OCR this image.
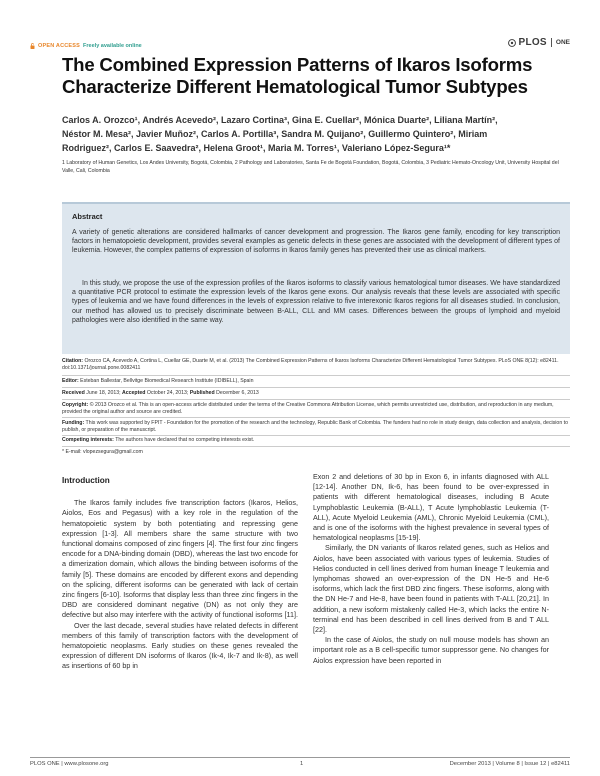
OPEN ACCESS Freely available online	PLOS ONE
The Combined Expression Patterns of Ikaros Isoforms Characterize Different Hematological Tumor Subtypes
Carlos A. Orozco¹, Andrés Acevedo², Lazaro Cortina³, Gina E. Cuellar², Mónica Duarte², Liliana Martín²,
Néstor M. Mesa², Javier Muñoz², Carlos A. Portilla³, Sandra M. Quijano², Guillermo Quintero², Miriam
Rodriguez², Carlos E. Saavedra², Helena Groot¹, Maria M. Torres¹, Valeriano López-Segura¹*
1 Laboratory of Human Genetics, Los Andes University, Bogotá, Colombia, 2 Pathology and Laboratories, Santa Fe de Bogotá Foundation, Bogotá, Colombia, 3 Pediatric Hemato-Oncology Unit, University Hospital del Valle, Cali, Colombia
Abstract
A variety of genetic alterations are considered hallmarks of cancer development and progression. The Ikaros gene family, encoding for key transcription factors in hematopoietic development, provides several examples as genetic defects in these genes are associated with the development of different types of leukemia. However, the complex patterns of expression of isoforms in Ikaros family genes has prevented their use as clinical markers.
In this study, we propose the use of the expression profiles of the Ikaros isoforms to classify various hematological tumor diseases. We have standardized a quantitative PCR protocol to estimate the expression levels of the Ikaros gene exons. Our analysis reveals that these levels are associated with specific types of leukemia and we have found differences in the levels of expression relative to five interexonic Ikaros regions for all diseases studied. In conclusion, our method has allowed us to precisely discriminate between B-ALL, CLL and MM cases. Differences between the groups of lymphoid and myeloid pathologies were also identified in the same way.
Citation: Orozco CA, Acevedo A, Cortina L, Cuellar GE, Duarte M, et al. (2013) The Combined Expression Patterns of Ikaros Isoforms Characterize Different Hematological Tumor Subtypes. PLoS ONE 8(12): e82411. doi:10.1371/journal.pone.0082411
Editor: Esteban Ballestar, Bellvitge Biomedical Research Institute (IDIBELL), Spain
Received June 18, 2013; Accepted October 24, 2013; Published December 6, 2013
Copyright: © 2013 Orozco et al. This is an open-access article distributed under the terms of the Creative Commons Attribution License, which permits unrestricted use, distribution, and reproduction in any medium, provided the original author and source are credited.
Funding: This work was supported by FPIT - Foundation for the promotion of the research and the technology, Republic Bank of Colombia. The funders had no role in study design, data collection and analysis, decision to publish, or preparation of the manuscript.
Competing interests: The authors have declared that no competing interests exist.
* E-mail: vlopezsegura@gmail.com
Introduction

The Ikaros family includes five transcription factors (Ikaros, Helios, Aiolos, Eos and Pegasus) with a key role in the regulation of the hematopoietic system by both potentiating and repressing gene expression [1-3]. All members share the same structure with two functional domains composed of zinc fingers [4]. The first four zinc fingers encode for a DNA-binding domain (DBD), whereas the last two encode for a dimerization domain, which allows the binding between isoforms of the family [5]. These domains are encoded by different exons and depending on the splicing, different isoforms can be generated with lack of certain zinc fingers [6-10]. Isoforms that display less than three zinc fingers in the DBD are considered dominant negative (DN) as not only they are defective but also may interfere with the activity of functional isoforms [11].

Over the last decade, several studies have related defects in different members of this family of transcription factors with the development of hematopoietic neoplasms. Early studies on these genes revealed the expression of different DN isoforms of Ikaros (Ik-4, Ik-7 and Ik-8), as well as insertions of 60 bp in

Exon 2 and deletions of 30 bp in Exon 6, in infants diagnosed with ALL [12-14]. Another DN, Ik-6, has been found to be over-expressed in patients with different hematological diseases, including B Acute Lymphoblastic Leukemia (B-ALL), T Acute lymphoblastic Leukemia (T-ALL), Acute Myeloid Leukemia (AML), Chronic Myeloid Leukemia (CML), and is one of the isoforms with the highest prevalence in several types of hematological neoplasms [15-19].

Similarly, the DN variants of Ikaros related genes, such as Helios and Aiolos, have been associated with various types of leukemia. Studies of Helios conducted in cell lines derived from human lineage T leukemia and lymphomas showed an over-expression of the DN He-5 and He-6 isoforms, which lack the first DBD zinc fingers. These isoforms, along with the DN He-7 and He-8, have been found in patients with T-ALL [20,21]. In addition, a new isoform mistakenly called He-3, which lacks the entire N-terminal end has been described in cell lines derived from B and T ALL [22].

In the case of Aiolos, the study on null mouse models has shown an important role as a B cell-specific tumor suppressor gene. No changes for Aiolos expression have been reported in

PLOS ONE | www.plosone.org	1	December 2013 | Volume 8 | Issue 12 | e82411
